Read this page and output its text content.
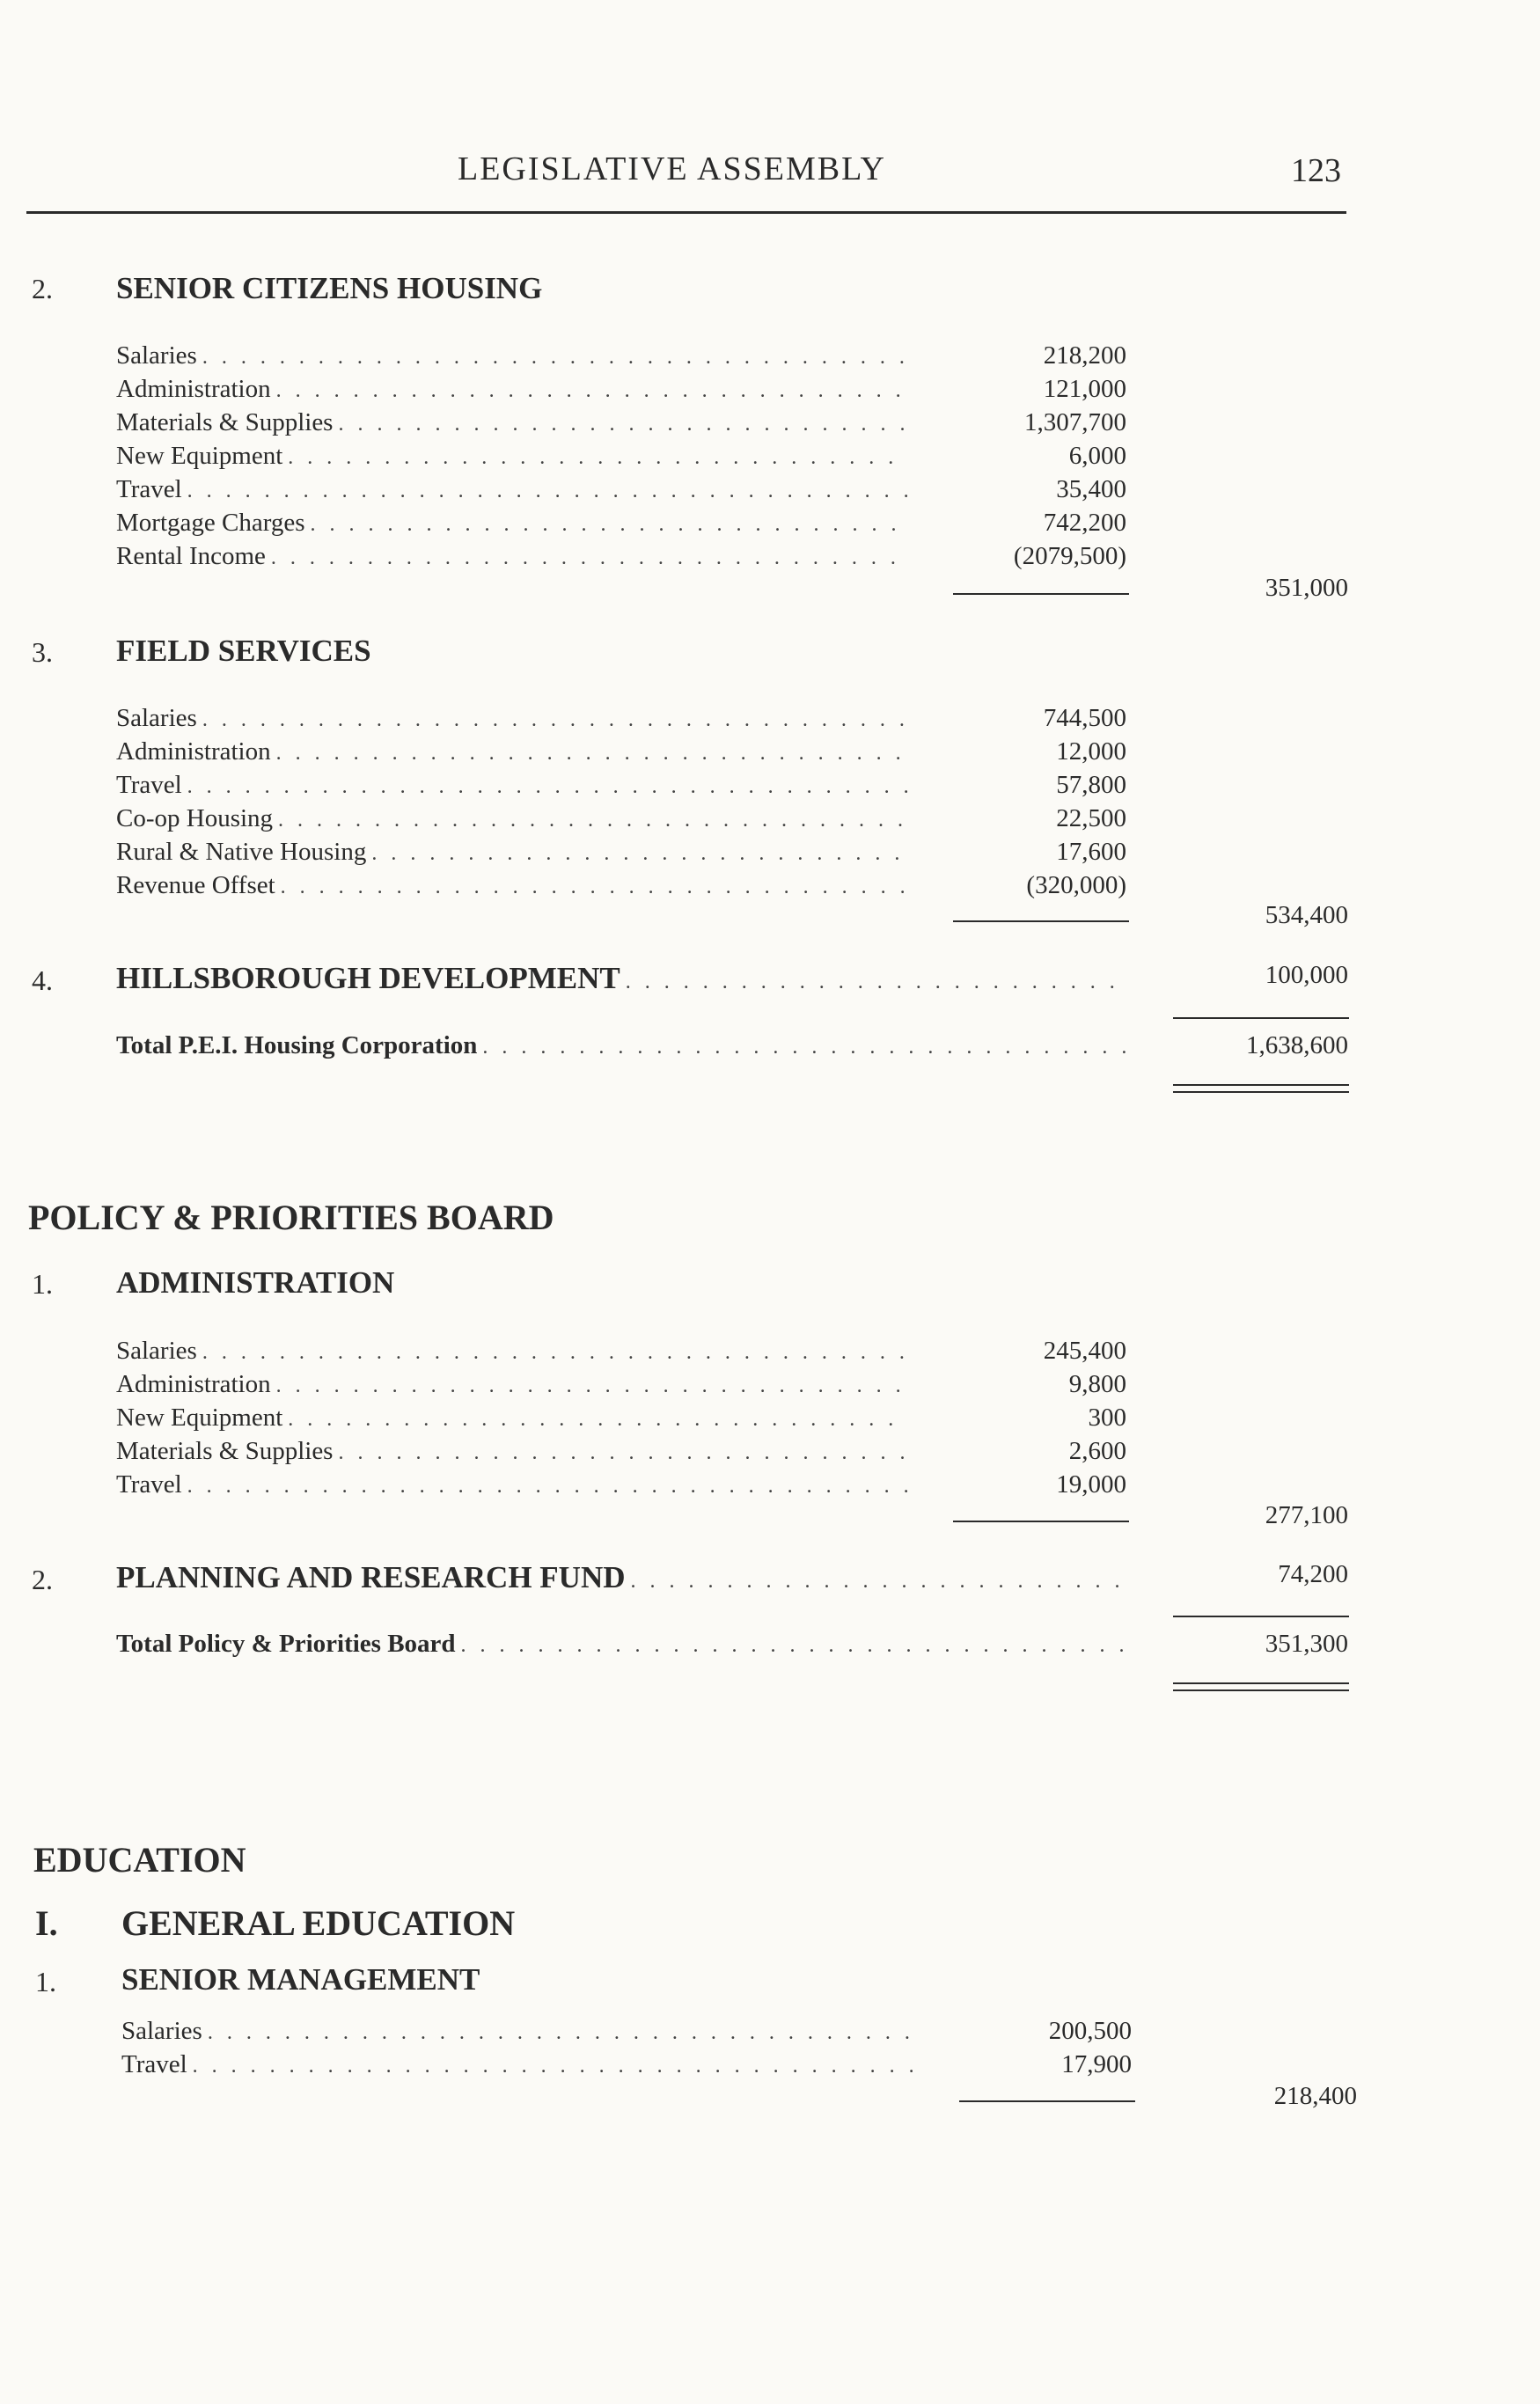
LEGISLATIVE ASSEMBLY	123
2. SENIOR CITIZENS HOUSING
Salaries . . .	218,200
Administration . . .	121,000
Materials & Supplies . . .	1,307,700
New Equipment . . .	6,000
Travel . . .	35,400
Mortgage Charges . . .	742,200
Rental Income . . .	(2079,500)
351,000
3. FIELD SERVICES
Salaries . . .	744,500
Administration . . .	12,000
Travel . . .	57,800
Co-op Housing . . .	22,500
Rural & Native Housing . . .	17,600
Revenue Offset . . .	(320,000)
534,400
4. HILLSBOROUGH DEVELOPMENT . . .	100,000
Total P.E.I. Housing Corporation . . .	1,638,600
POLICY & PRIORITIES BOARD
1. ADMINISTRATION
Salaries . . .	245,400
Administration . . .	9,800
New Equipment . . .	300
Materials & Supplies . . .	2,600
Travel . . .	19,000
277,100
2. PLANNING AND RESEARCH FUND . . .	74,200
Total Policy & Priorities Board . . .	351,300
EDUCATION
I. GENERAL EDUCATION
1. SENIOR MANAGEMENT
Salaries . . .	200,500
Travel . . .	17,900
218,400
